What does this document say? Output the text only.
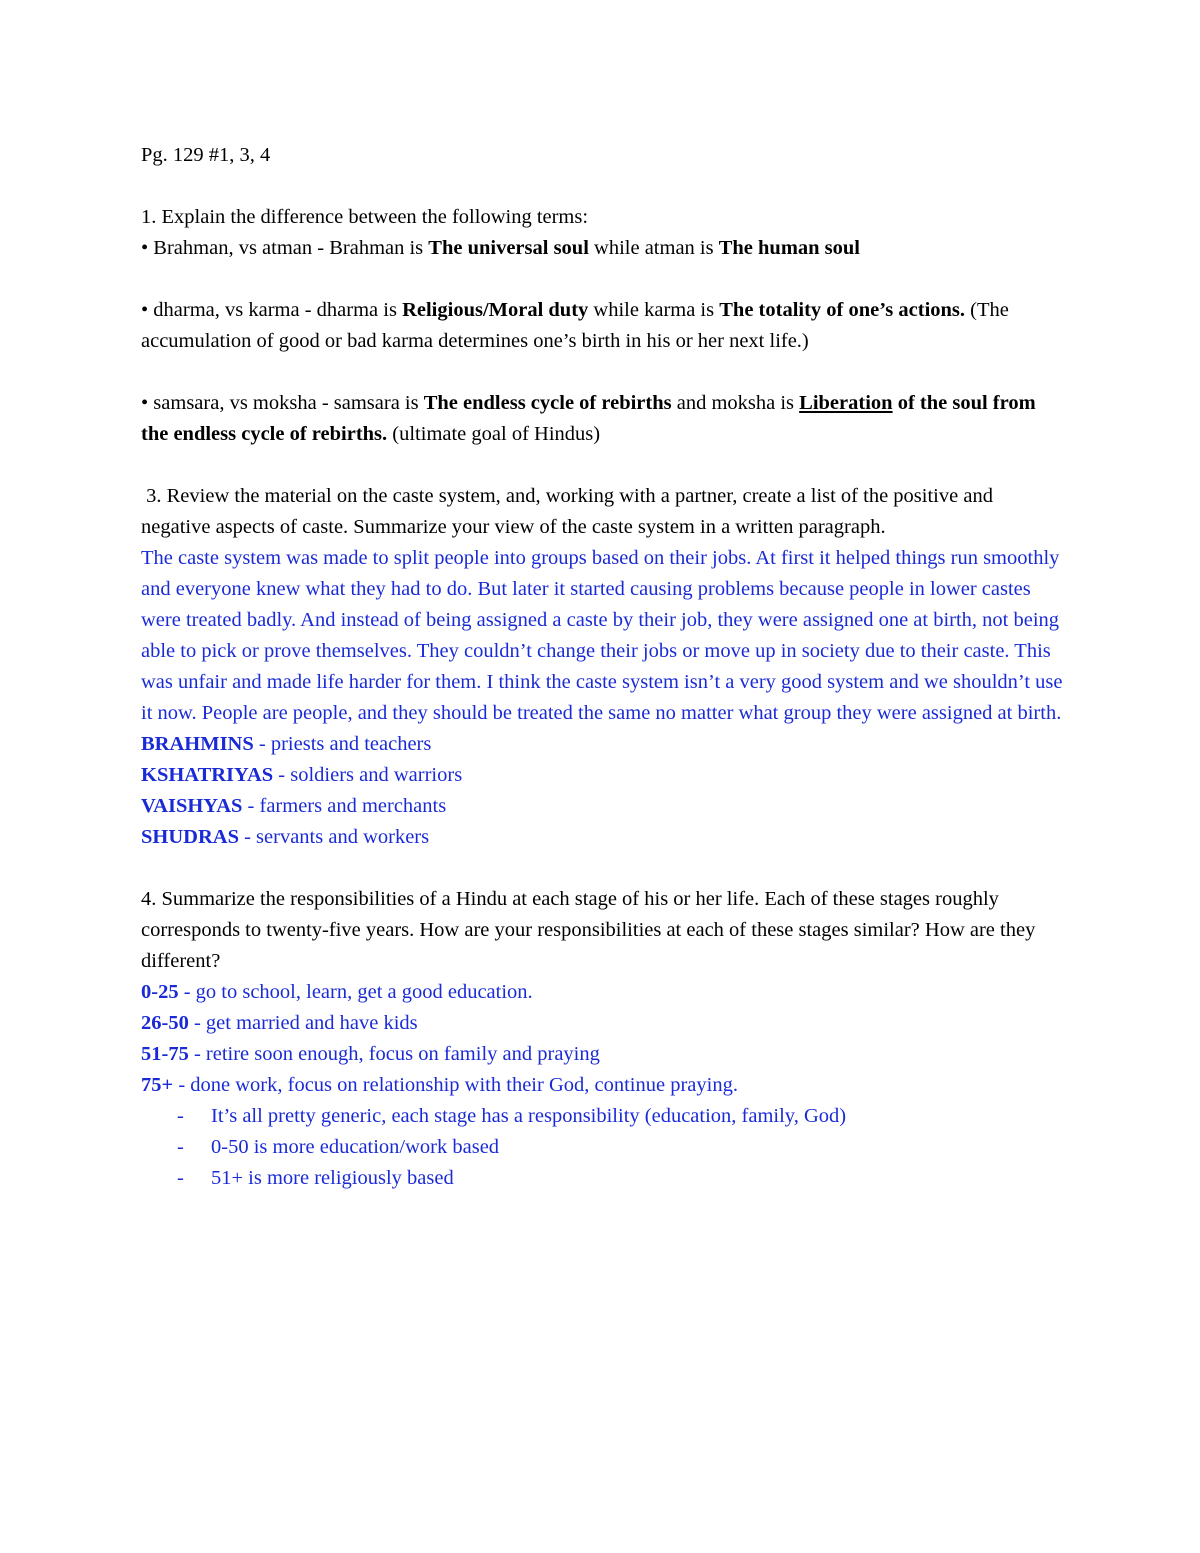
Pg. 129 #1, 3, 4

1. Explain the difference between the following terms:

• Brahman, vs atman - Brahman is The universal soul while atman is The human soul

• dharma, vs karma - dharma is Religious/Moral duty while karma is The totality of one’s actions. (The accumulation of good or bad karma determines one’s birth in his or her next life.)

• samsara, vs moksha - samsara is The endless cycle of rebirths and moksha is Liberation of the soul from the endless cycle of rebirths. (ultimate goal of Hindus)

3. Review the material on the caste system, and, working with a partner, create a list of the positive and negative aspects of caste. Summarize your view of the caste system in a written paragraph.

The caste system was made to split people into groups based on their jobs. At first it helped things run smoothly and everyone knew what they had to do. But later it started causing problems because people in lower castes were treated badly. And instead of being assigned a caste by their job, they were assigned one at birth, not being able to pick or prove themselves. They couldn’t change their jobs or move up in society due to their caste. This was unfair and made life harder for them. I think the caste system isn’t a very good system and we shouldn’t use it now. People are people, and they should be treated the same no matter what group they were assigned at birth.

BRAHMINS - priests and teachers

KSHATRIYAS - soldiers and warriors

VAISHYAS - farmers and merchants

SHUDRAS - servants and workers

4. Summarize the responsibilities of a Hindu at each stage of his or her life. Each of these stages roughly corresponds to twenty-five years. How are your responsibilities at each of these stages similar? How are they different?

0-25 - go to school, learn, get a good education.

26-50 - get married and have kids

51-75 - retire soon enough, focus on family and praying

75+ - done work, focus on relationship with their God, continue praying.

- It’s all pretty generic, each stage has a responsibility (education, family, God)
- 0-50 is more education/work based
- 51+ is more religiously based
